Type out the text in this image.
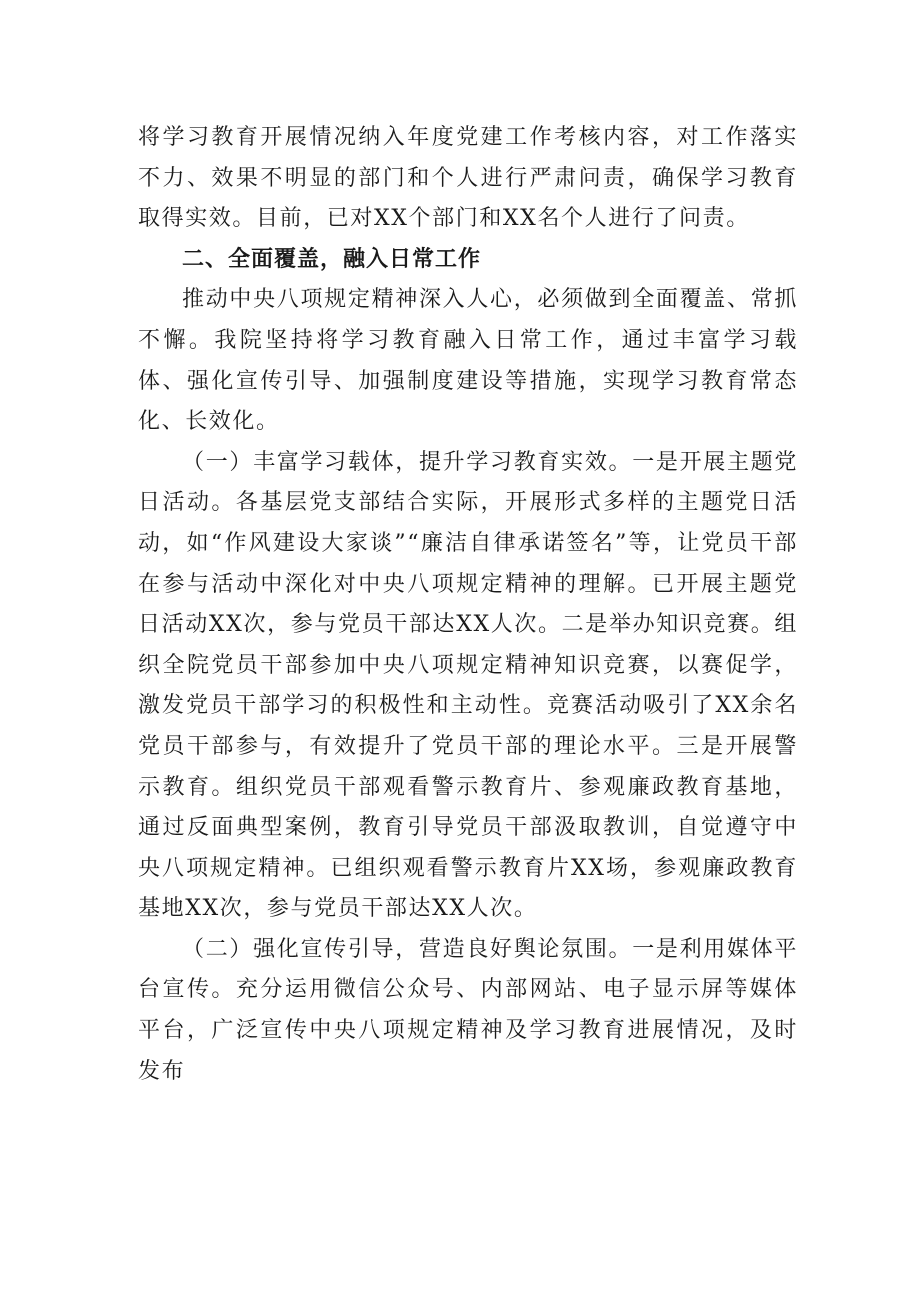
将学习教育开展情况纳入年度党建工作考核内容，对工作落实不力、效果不明显的部门和个人进行严肃问责，确保学习教育取得实效。目前，已对XX个部门和XX名个人进行了问责。

二、全面覆盖，融入日常工作

推动中央八项规定精神深入人心，必须做到全面覆盖、常抓不懈。我院坚持将学习教育融入日常工作，通过丰富学习载体、强化宣传引导、加强制度建设等措施，实现学习教育常态化、长效化。

（一）丰富学习载体，提升学习教育实效。一是开展主题党日活动。各基层党支部结合实际，开展形式多样的主题党日活动，如“作风建设大家谈”“廉洁自律承诺签名”等，让党员干部在参与活动中深化对中央八项规定精神的理解。已开展主题党日活动XX次，参与党员干部达XX人次。二是举办知识竞赛。组织全院党员干部参加中央八项规定精神知识竞赛，以赛促学，激发党员干部学习的积极性和主动性。竞赛活动吸引了XX余名党员干部参与，有效提升了党员干部的理论水平。三是开展警示教育。组织党员干部观看警示教育片、参观廉政教育基地，通过反面典型案例，教育引导党员干部汲取教训，自觉遵守中央八项规定精神。已组织观看警示教育片XX场，参观廉政教育基地XX次，参与党员干部达XX人次。

（二）强化宣传引导，营造良好舆论氛围。一是利用媒体平台宣传。充分运用微信公众号、内部网站、电子显示屏等媒体平台，广泛宣传中央八项规定精神及学习教育进展情况，及时发布
